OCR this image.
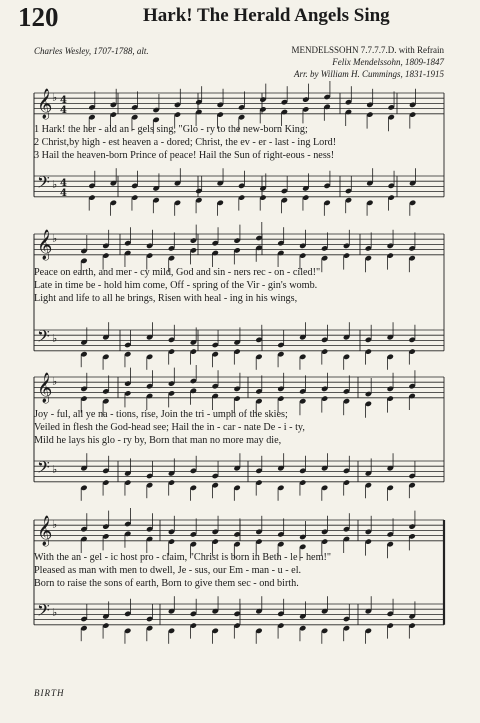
120	Hark! The Herald Angels Sing
Charles Wesley, 1707-1788, alt.	MENDELSSOHN 7.7.7.7.D. with Refrain
Felix Mendelssohn, 1809-1847
Arr. by William H. Cummings, 1831-1915
𝄞
𝄢
♭
♭
4
4
4
4
𝄞
𝄢
♭
♭
𝄞
𝄢
♭
♭
𝄞
𝄢
♭
♭
1 Hark! the her - ald an - gels sing, "Glo - ry to the new-born King;
2 Christ,by high - est heaven a - dored; Christ, the ev - er - last - ing Lord!
3 Hail the heaven-born Prince of peace! Hail the Sun of right-eous - ness!
Peace on earth, and mer - cy mild, God and sin - ners rec - on - ciled!"
Late in time be - hold him come, Off - spring of the Vir - gin's womb.
Light and life to all he brings, Risen with heal - ing in his wings,
Joy - ful, all ye na - tions, rise, Join the tri - umph of the skies;
Veiled in flesh the God-head see; Hail the in - car - nate De - i - ty,
Mild he lays his glo - ry by, Born that man no more may die,
With the an - gel - ic host pro - claim, "Christ is born in Beth - le - hem!"
Pleased as man with men to dwell, Je - sus, our Em - man - u - el.
Born to raise the sons of earth, Born to give them sec - ond birth.
BIRTH
